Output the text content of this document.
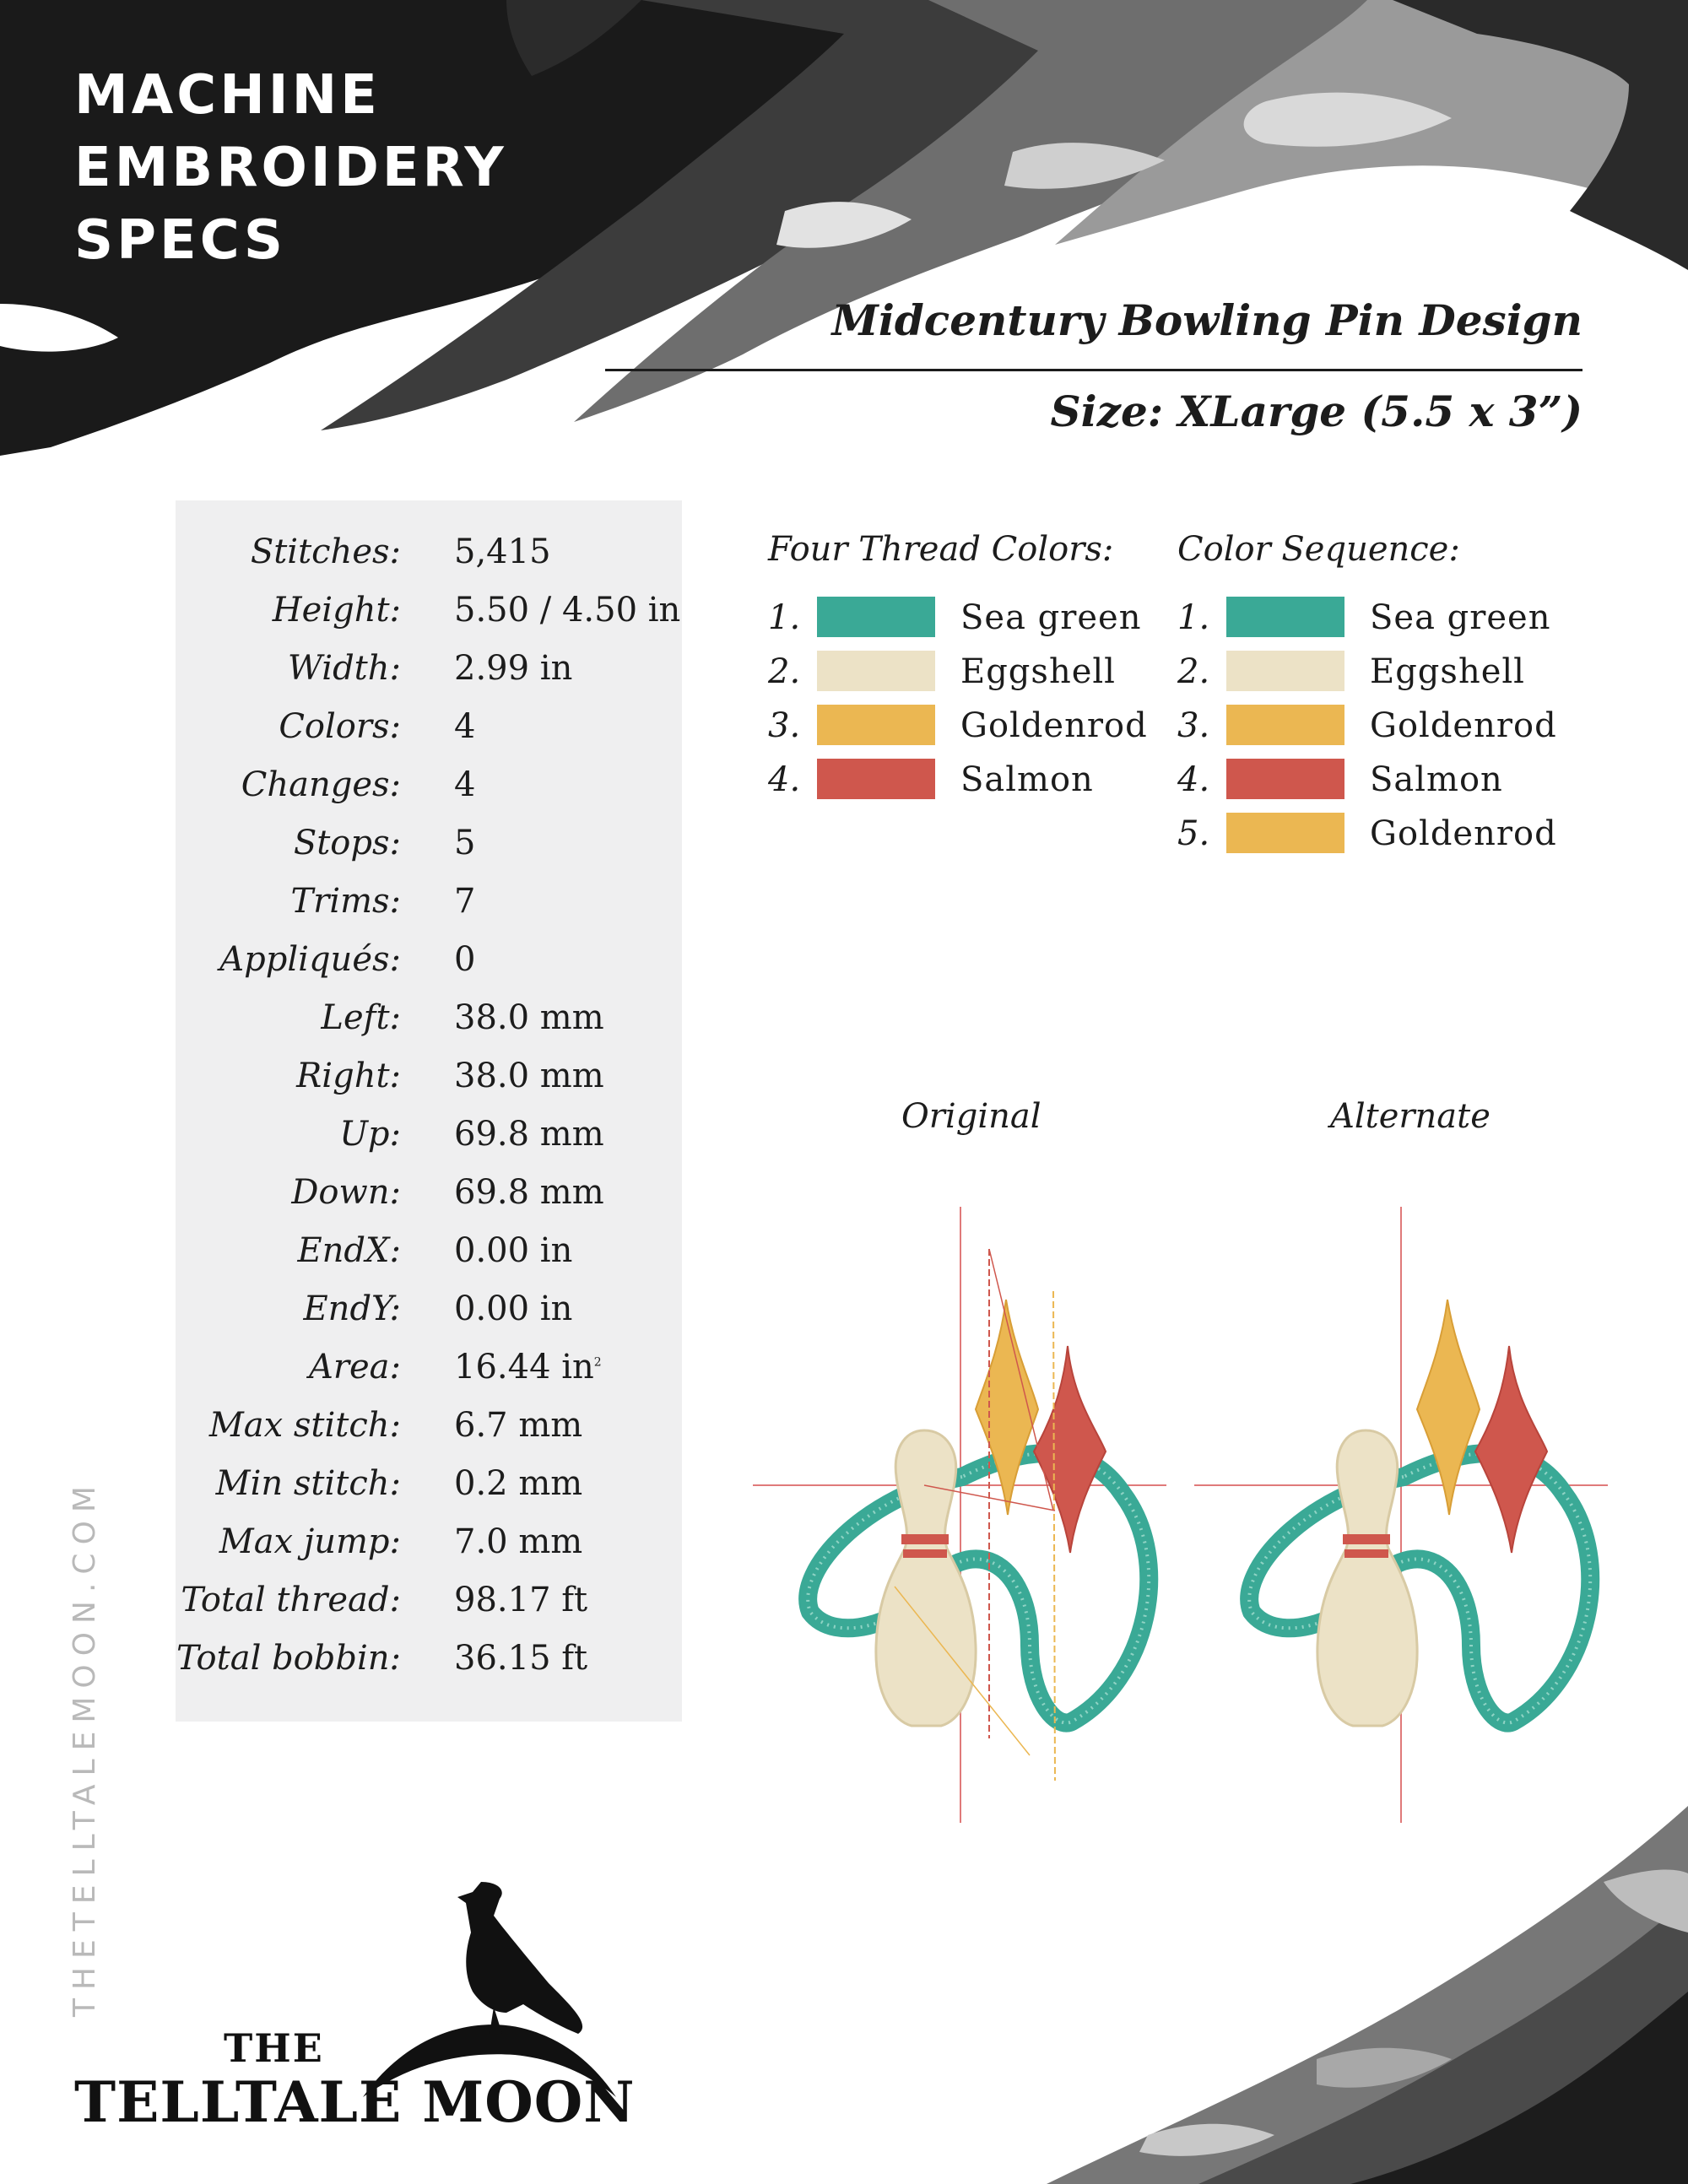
MACHINE
EMBROIDERY
SPECS
Midcentury Bowling Pin Design
Size: XLarge (5.5 x 3”)
Stitches: 5,415
Height: 5.50 / 4.50 in
Width: 2.99 in
Colors: 4
Changes: 4
Stops: 5
Trims: 7
Appliqués: 0
Left: 38.0 mm
Right: 38.0 mm
Up: 69.8 mm
Down: 69.8 mm
EndX: 0.00 in
EndY: 0.00 in
Area: 16.44 $in^2$
Max stitch: 6.7 mm
Min stitch: 0.2 mm
Max jump: 7.0 mm
Total thread: 98.17 ft
Total bobbin: 36.15 ft
Four Thread Colors:
1.	Sea green
2.	Eggshell
3.	Goldenrod
4.	Salmon
Color Sequence:
1.	Sea green
2.	Eggshell
3.	Goldenrod
4.	Salmon
5.	Goldenrod
Original	Alternate
THETELLTALEMOON.COM
THE
TELLTALE MOON
